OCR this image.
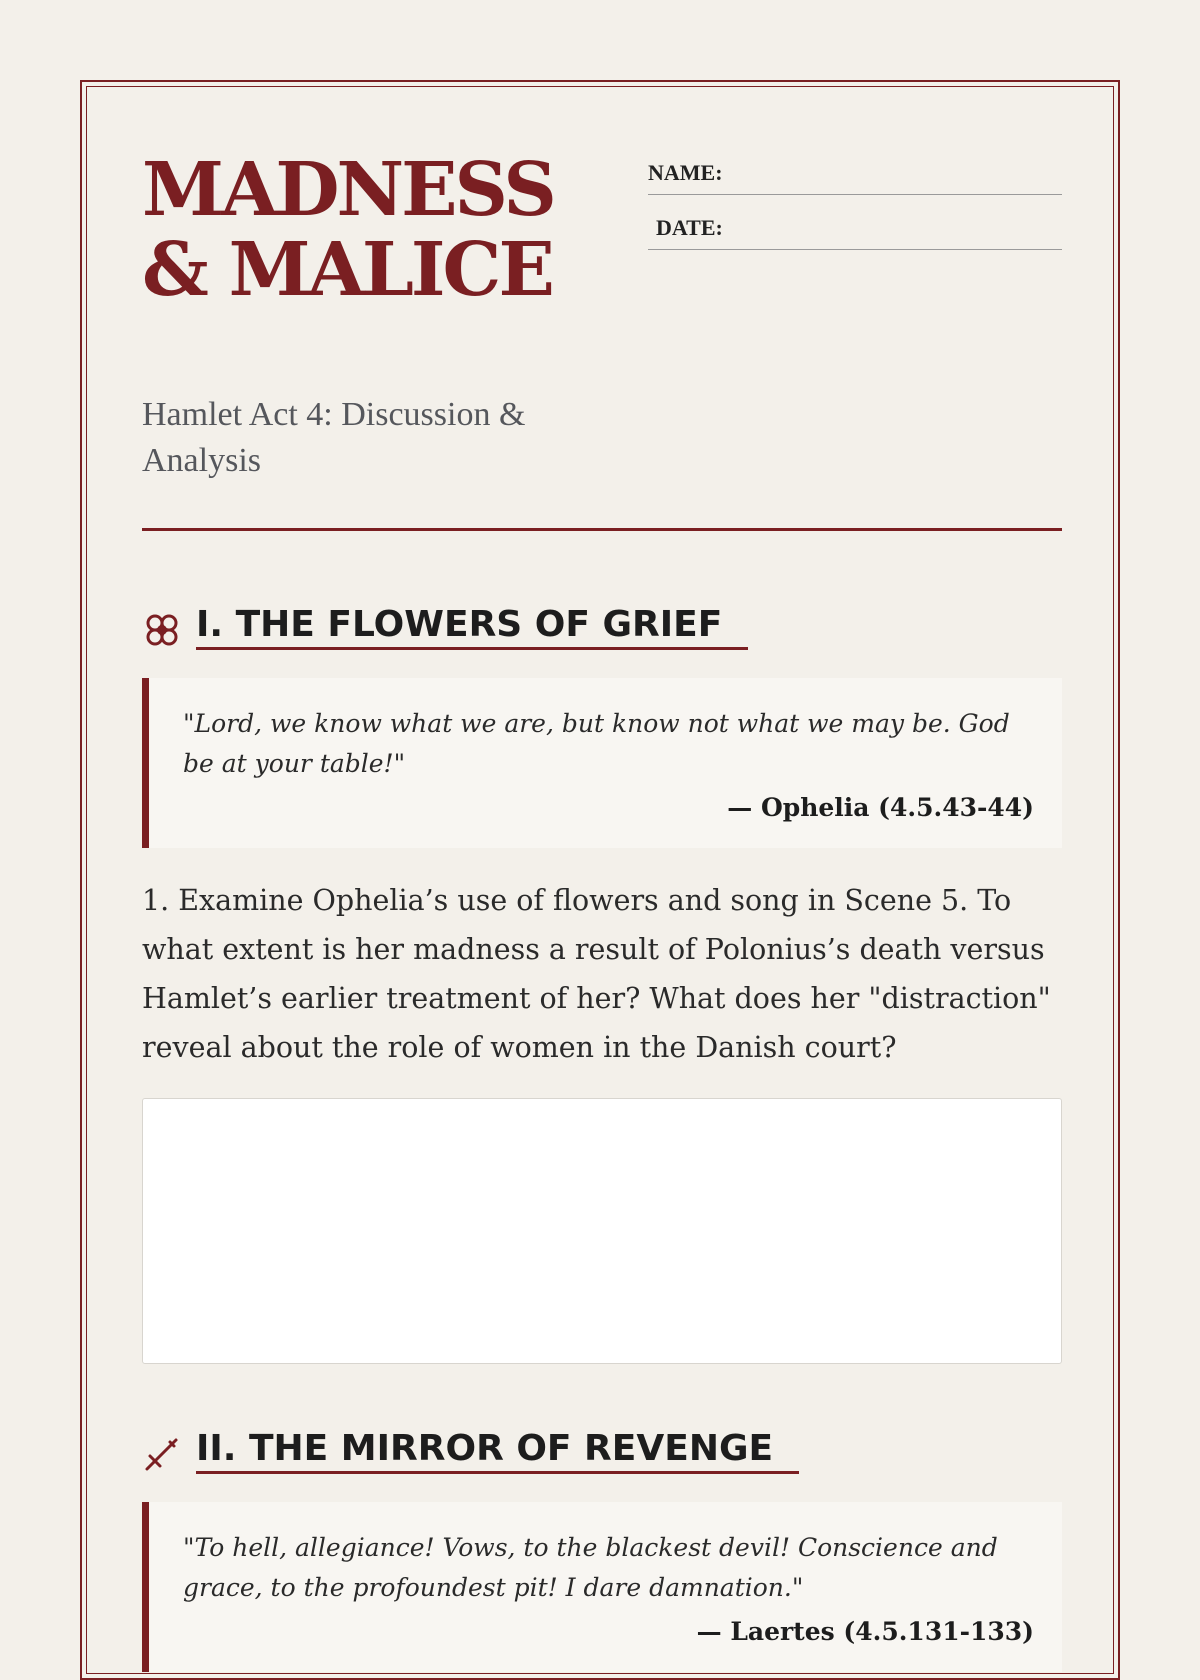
MADNESS & MALICE
Hamlet Act 4: Discussion & Analysis
NAME:
DATE:
I. THE FLOWERS OF GRIEF
"Lord, we know what we are, but know not what we may be. God be at your table!"
— Ophelia (4.5.43-44)
1. Examine Ophelia’s use of flowers and song in Scene 5. To what extent is her madness a result of Polonius’s death versus Hamlet’s earlier treatment of her? What does her "distraction" reveal about the role of women in the Danish court?
II. THE MIRROR OF REVENGE
"To hell, allegiance! Vows, to the blackest devil! Conscience and grace, to the profoundest pit! I dare damnation."
— Laertes (4.5.131-133)
